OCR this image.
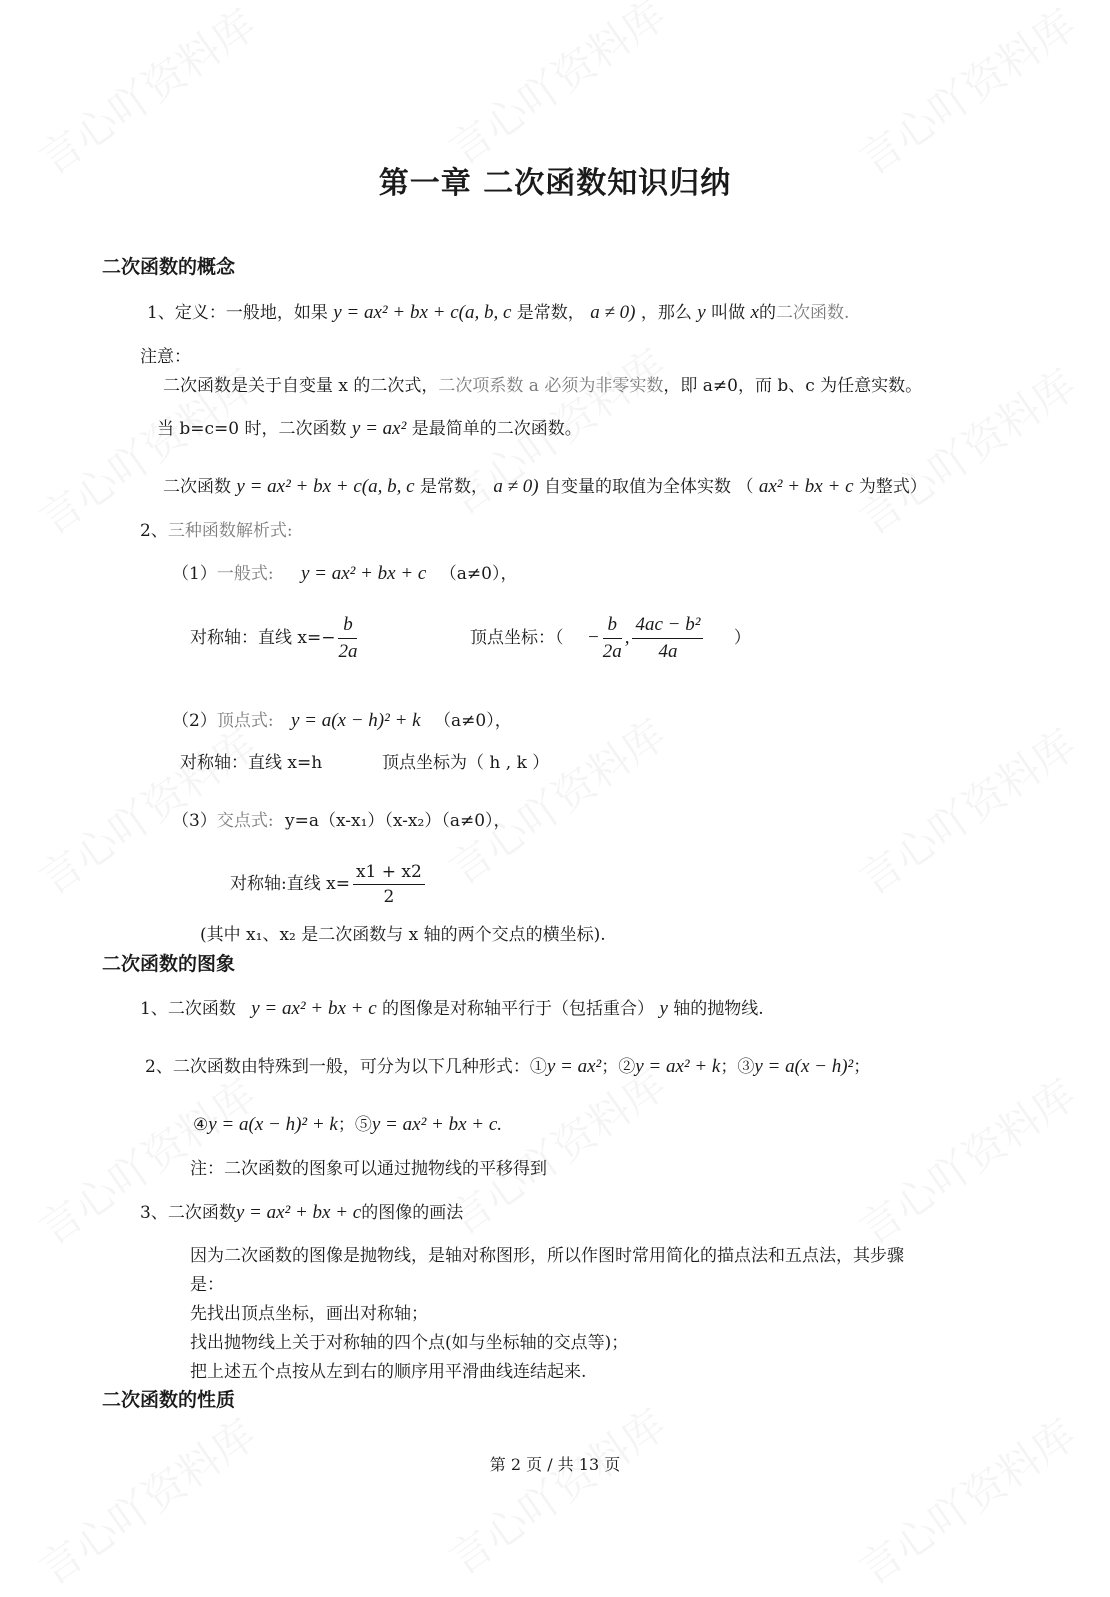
第一章 二次函数知识归纳
二次函数的概念
1、定义：一般地，如果 y = ax² + bx + c(a, b, c 是常数， a ≠ 0) ，那么 y 叫做 x的二次函数.
注意：
二次函数是关于自变量 x 的二次式，二次项系数 a 必须为非零实数，即 a≠0，而 b、c 为任意实数。
当 b=c=0 时，二次函数 y = ax² 是最简单的二次函数。
二次函数 y = ax² + bx + c(a, b, c 是常数， a ≠ 0) 自变量的取值为全体实数 （ ax² + bx + c 为整式）
2、三种函数解析式:
（1）一般式: y = ax² + bx + c （a≠0），
对称轴：直线 $x=- \frac{b}{2a}$	顶点坐标：（ − $\frac{b}{2a}$ , $\frac{\text{4ac − b²}}{4a}$ ）
（2）顶点式: y = a(x − h)² + k （a≠0），
对称轴：直线 x=h	顶点坐标为（ h , k ）
（3）交点式: y=a（x-x₁）（x-x₂）（a≠0），
对称轴:直线 $x= \frac{x1 + x2}{2}$
(其中 x₁、x₂ 是二次函数与 x 轴的两个交点的横坐标).
二次函数的图象
1、二次函数 y = ax² + bx + c 的图像是对称轴平行于（包括重合） y 轴的抛物线.
2、二次函数由特殊到一般，可分为以下几种形式：①y = ax²；②y = ax² + k；③y = a(x − h)²；
④y = a(x − h)² + k；⑤y = ax² + bx + c.
注：二次函数的图象可以通过抛物线的平移得到
3、二次函数y = ax² + bx + c的图像的画法
因为二次函数的图像是抛物线，是轴对称图形，所以作图时常用简化的描点法和五点法，其步骤
是：
先找出顶点坐标，画出对称轴；
找出抛物线上关于对称轴的四个点(如与坐标轴的交点等)；
把上述五个点按从左到右的顺序用平滑曲线连结起来.
二次函数的性质
第 2 页 / 共 13 页
